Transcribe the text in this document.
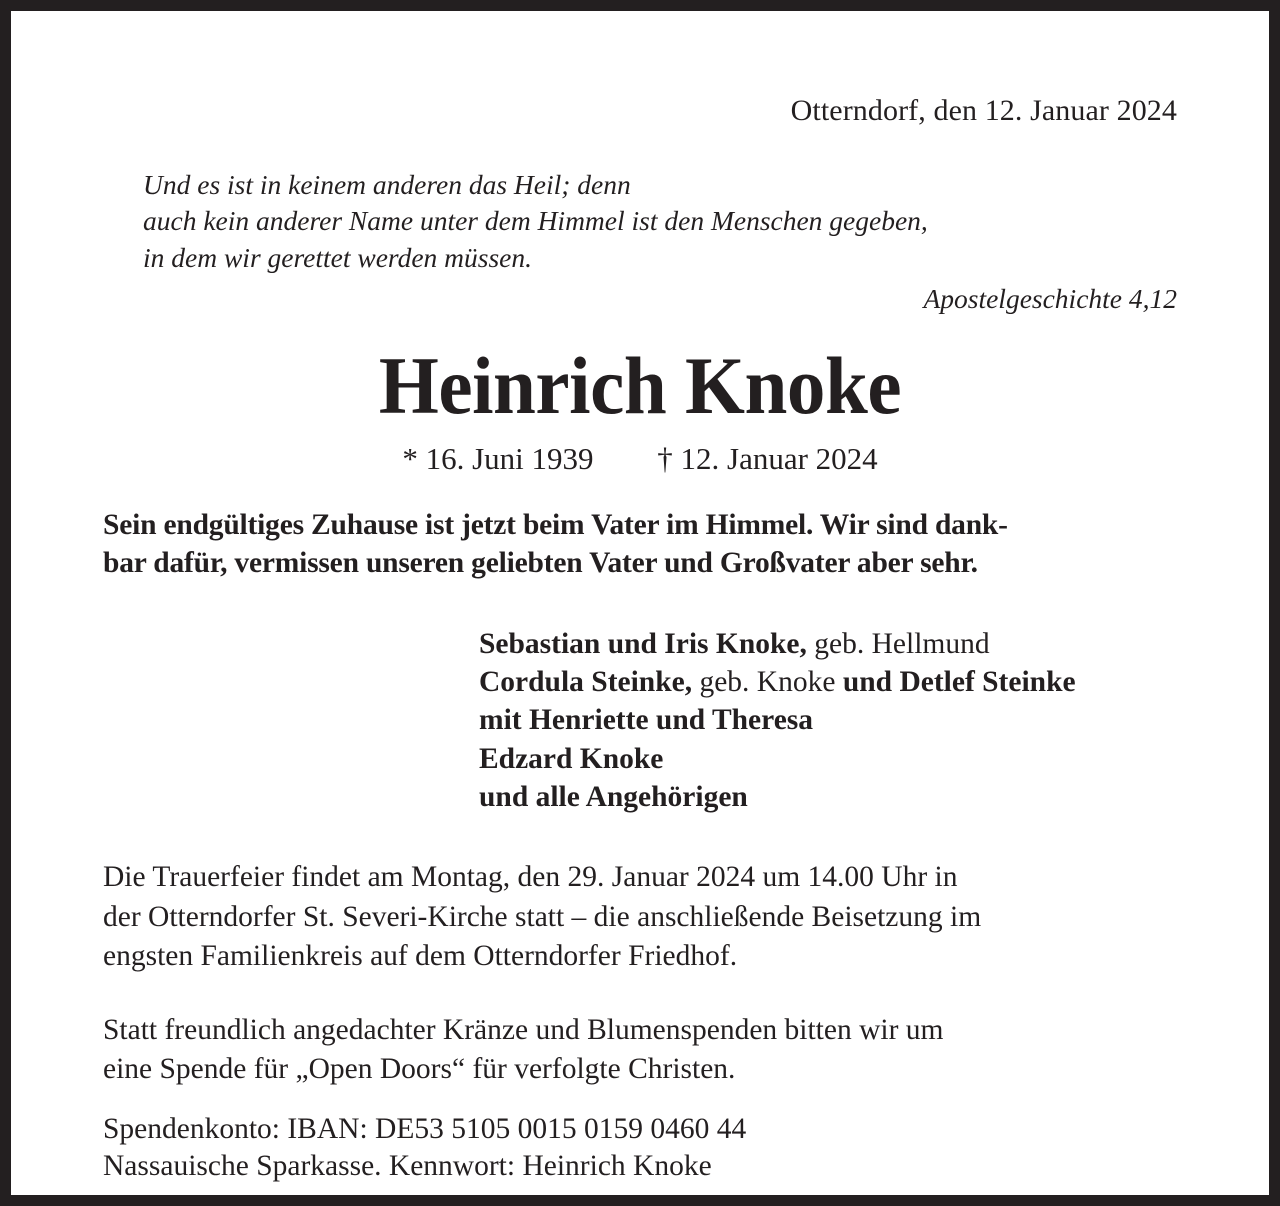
Otterndorf, den 12. Januar 2024
Und es ist in keinem anderen das Heil; denn
auch kein anderer Name unter dem Himmel ist den Menschen gegeben,
in dem wir gerettet werden müssen.
Apostelgeschichte 4,12
Heinrich Knoke
* 16. Juni 1939 † 12. Januar 2024
Sein endgültiges Zuhause ist jetzt beim Vater im Himmel. Wir sind dank-
bar dafür, vermissen unseren geliebten Vater und Großvater aber sehr.
Sebastian und Iris Knoke, geb. Hellmund
Cordula Steinke, geb. Knoke und Detlef Steinke
mit Henriette und Theresa
Edzard Knoke
und alle Angehörigen
Die Trauerfeier findet am Montag, den 29. Januar 2024 um 14.00 Uhr in
der Otterndorfer St. Severi-Kirche statt – die anschließende Beisetzung im
engsten Familienkreis auf dem Otterndorfer Friedhof.
Statt freundlich angedachter Kränze und Blumenspenden bitten wir um
eine Spende für „Open Doors“ für verfolgte Christen.
Spendenkonto: IBAN: DE53 5105 0015 0159 0460 44
Nassauische Sparkasse. Kennwort: Heinrich Knoke
